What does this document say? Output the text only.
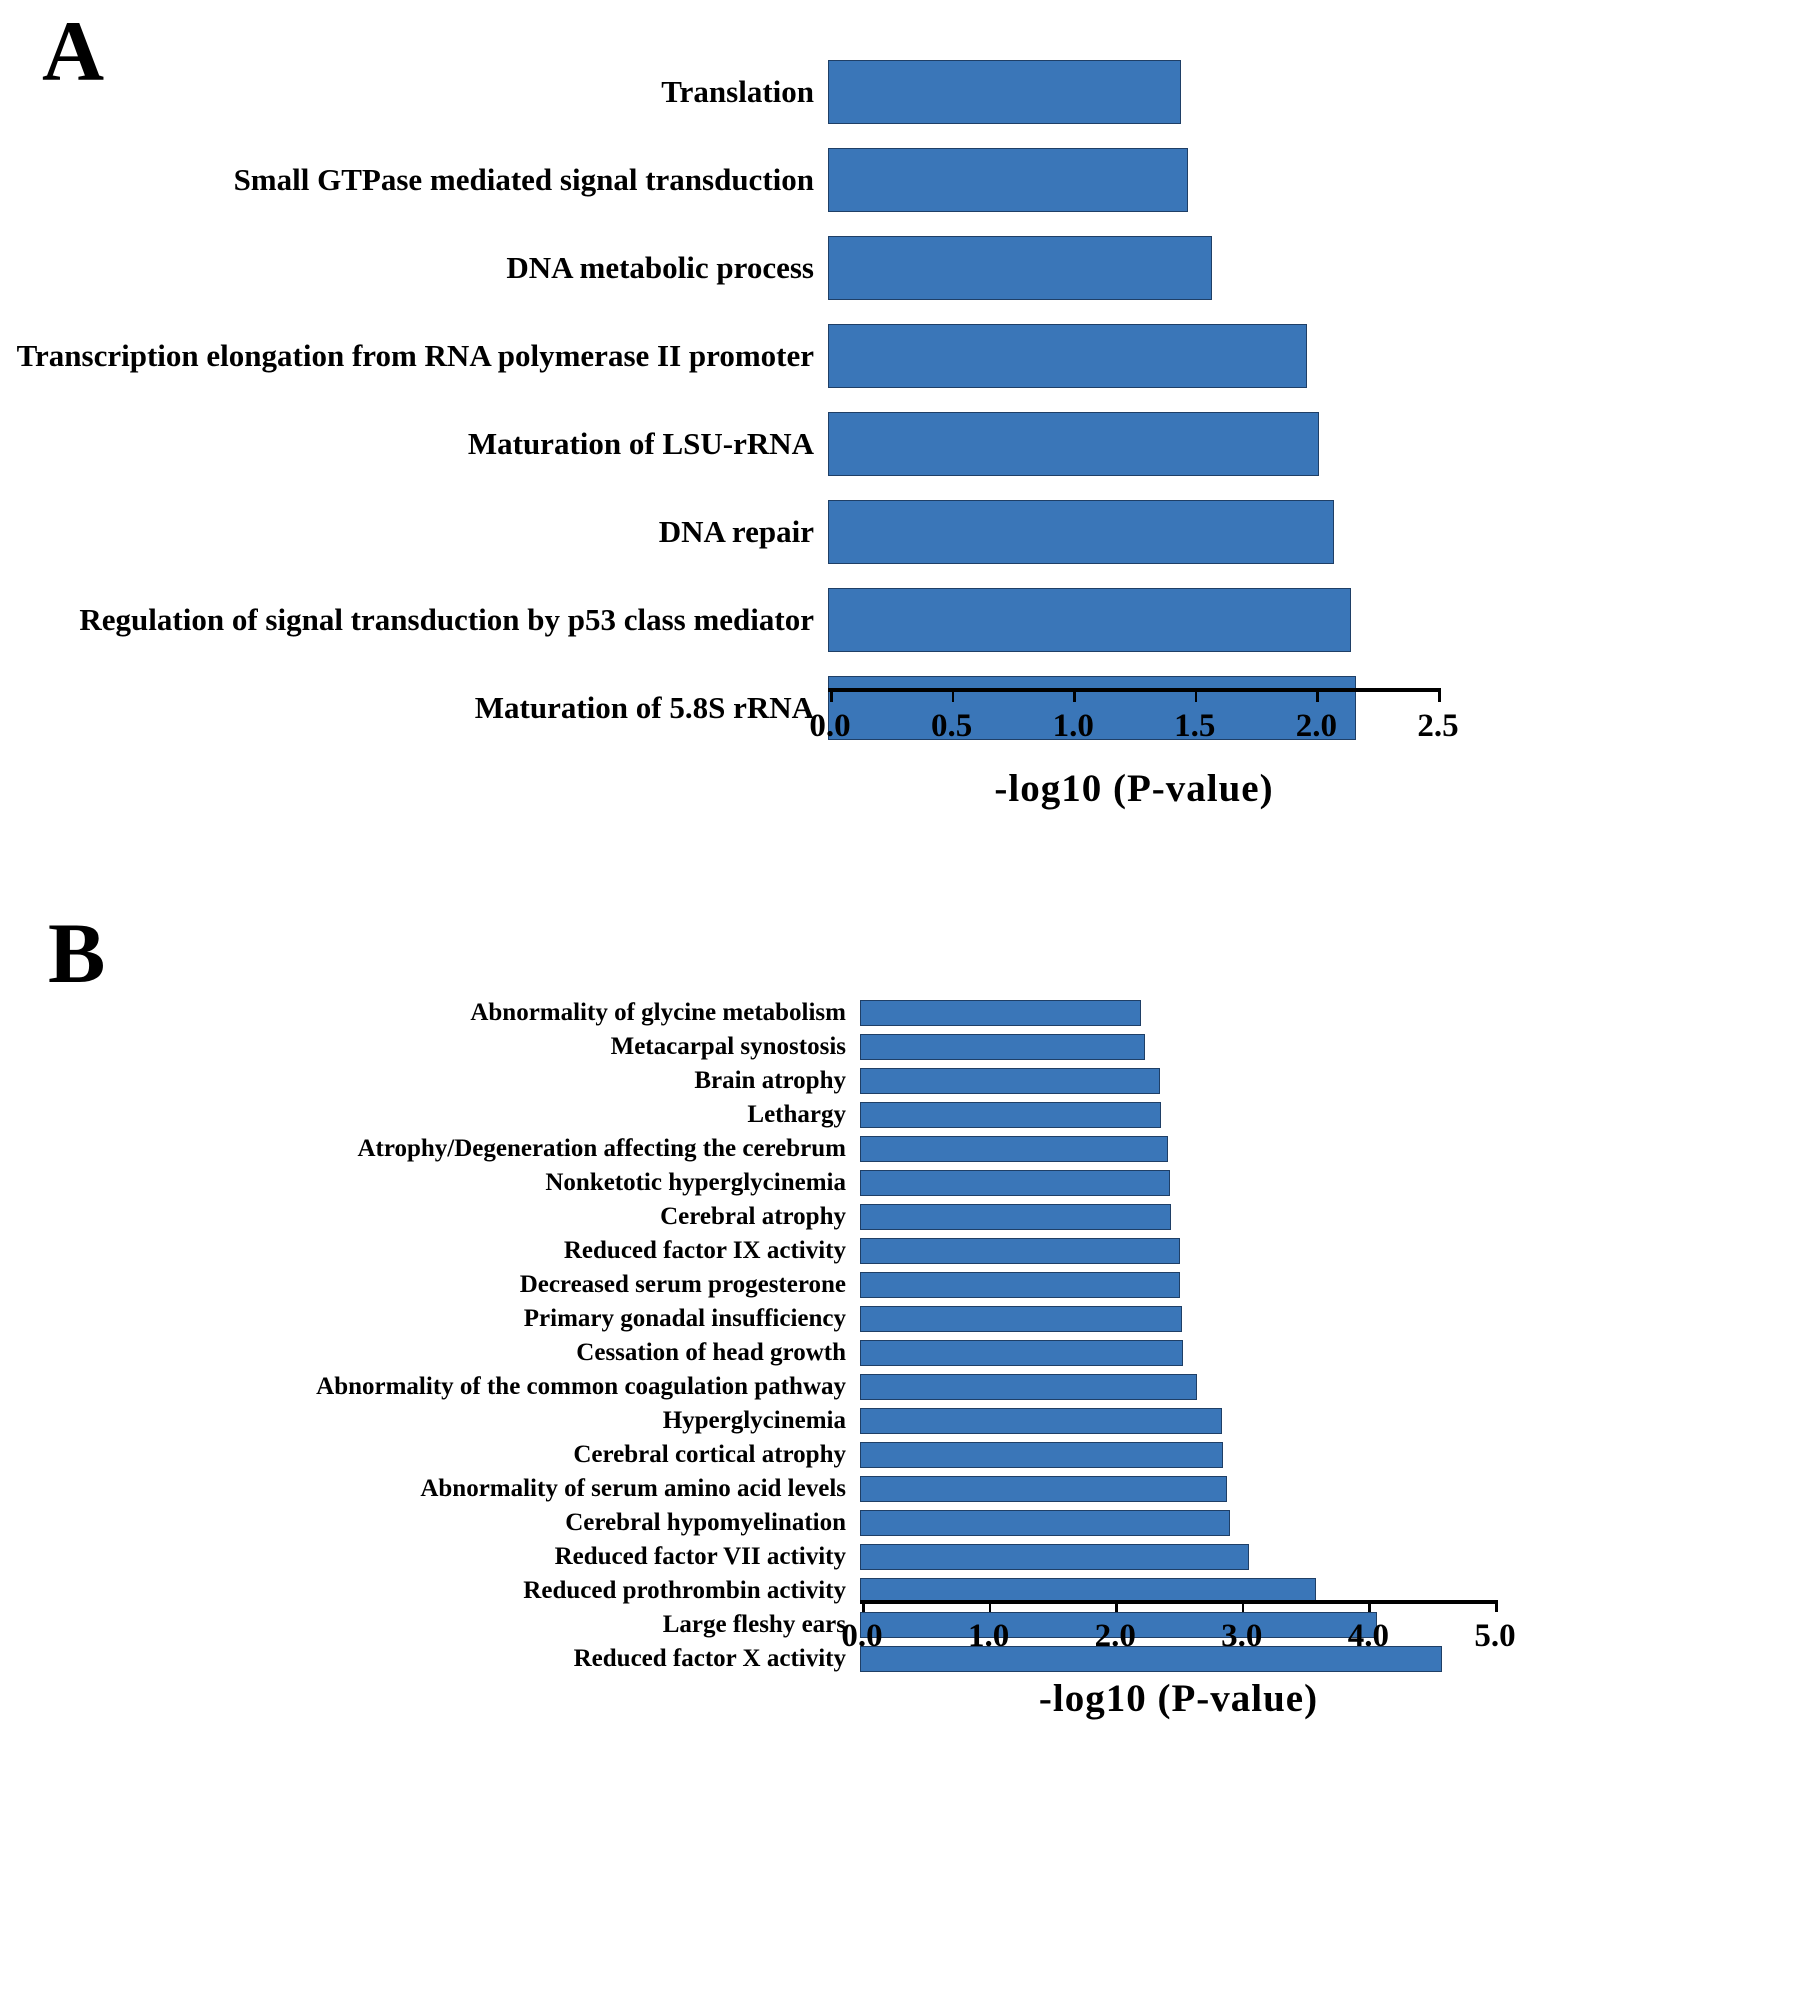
A	Translation
Small GTPase mediated signal transduction
DNA metabolic process
Transcription elongation from RNA polymerase II promoter
Maturation of LSU-rRNA
DNA repair
Regulation of signal transduction by p53 class mediator
Maturation of 5.8S rRNA
0.0 0.5 1.0 1.5 2.0 2.5
-log10 (P-value)
B
Abnormality of glycine metabolism
Metacarpal synostosis
Brain atrophy
Lethargy
Atrophy/Degeneration affecting the cerebrum
Nonketotic hyperglycinemia
Cerebral atrophy
Reduced factor IX activity
Decreased serum progesterone
Primary gonadal insufficiency
Cessation of head growth
Abnormality of the common coagulation pathway
Hyperglycinemia
Cerebral cortical atrophy
Abnormality of serum amino acid levels
Cerebral hypomyelination
Reduced factor VII activity
Reduced prothrombin activity
Large fleshy ears
Reduced factor X activity
0.0	1.0	2.0	3.0	4.0	5.0
-log10 (P-value)
